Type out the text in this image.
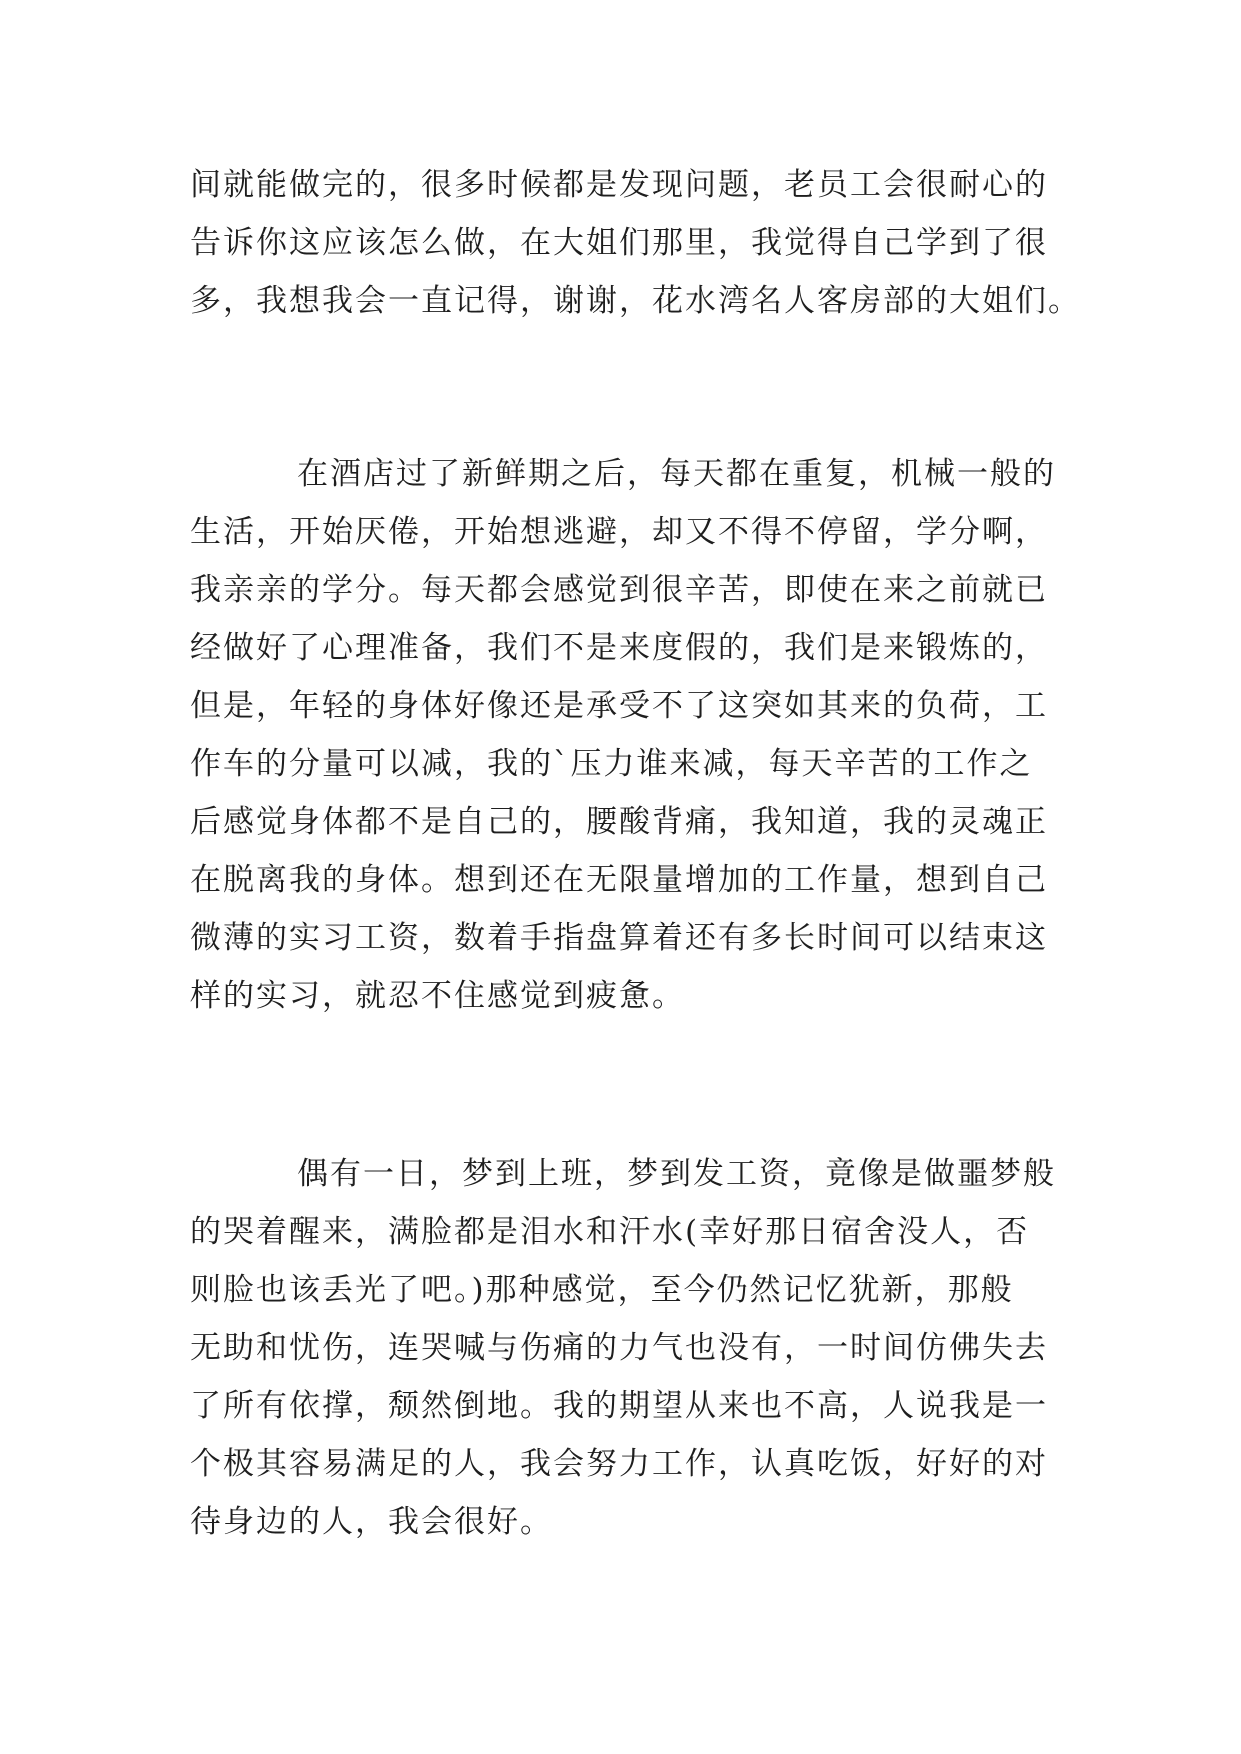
间就能做完的，很多时候都是发现问题，老员工会很耐心的
告诉你这应该怎么做，在大姐们那里，我觉得自己学到了很
多，我想我会一直记得，谢谢，花水湾名人客房部的大姐们。
在酒店过了新鲜期之后，每天都在重复，机械一般的
生活，开始厌倦，开始想逃避，却又不得不停留，学分啊，
我亲亲的学分。每天都会感觉到很辛苦，即使在来之前就已
经做好了心理准备，我们不是来度假的，我们是来锻炼的，
但是，年轻的身体好像还是承受不了这突如其来的负荷，工
作车的分量可以减，我的`压力谁来减，每天辛苦的工作之
后感觉身体都不是自己的，腰酸背痛，我知道，我的灵魂正
在脱离我的身体。想到还在无限量增加的工作量，想到自己
微薄的实习工资，数着手指盘算着还有多长时间可以结束这
样的实习，就忍不住感觉到疲惫。
偶有一日，梦到上班，梦到发工资，竟像是做噩梦般
的哭着醒来，满脸都是泪水和汗水(幸好那日宿舍没人，否
则脸也该丢光了吧。)那种感觉，至今仍然记忆犹新，那般
无助和忧伤，连哭喊与伤痛的力气也没有，一时间仿佛失去
了所有依撑，颓然倒地。我的期望从来也不高，人说我是一
个极其容易满足的人，我会努力工作，认真吃饭，好好的对
待身边的人，我会很好。
